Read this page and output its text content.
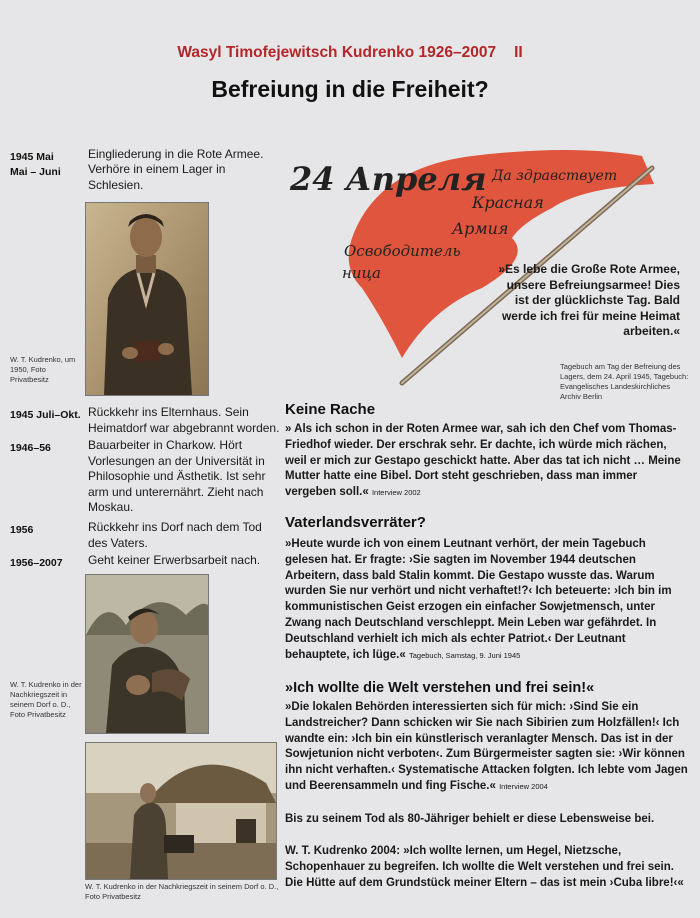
Wasyl Timofejewitsch Kudrenko 1926–2007 II
Befreiung in die Freiheit?
1945 Mai
Mai – Juni
Eingliederung in die Rote Armee.
Verhöre in einem Lager in Schlesien.
W. T. Kudrenko, um 1950, Foto Privatbesitz
24 Апреля Да здравствует
Красная
Армия
Освободитель
ница	»Es lebe die Große Rote Armee, unsere Befreiungsarmee! Dies ist der glücklichste Tag. Bald werde ich frei für meine Heimat arbeiten.«
Tagebuch am Tag der Befreiung des Lagers, dem 24. April 1945, Tagebuch: Evangelisches Landeskirchliches Archiv Berlin
1945 Juli–Okt. Rückkehr ins Elternhaus. Sein Heimatdorf war abgebrannt worden.
1946–56	Bauarbeiter in Charkow. Hört Vorlesungen an der Universität in Philosophie und Ästhetik. Ist sehr arm und unterernährt. Zieht nach Moskau.
1956	Rückkehr ins Dorf nach dem Tod des Vaters.
1956–2007	Geht keiner Erwerbsarbeit nach.
W. T. Kudrenko in der Nachkriegszeit in seinem Dorf o. D., Foto Privatbesitz
W. T. Kudrenko in der Nachkriegszeit in seinem Dorf o. D., Foto Privatbesitz
Keine Rache
» Als ich schon in der Roten Armee war, sah ich den Chef vom Thomas-Friedhof wieder. Der erschrak sehr. Er dachte, ich würde mich rächen, weil er mich zur Gestapo geschickt hatte. Aber das tat ich nicht … Meine Mutter hatte eine Bibel. Dort steht geschrieben, dass man immer vergeben soll.« Interview 2002
Vaterlandsverräter?
»Heute wurde ich von einem Leutnant verhört, der mein Tagebuch gelesen hat. Er fragte: ›Sie sagten im November 1944 deutschen Arbeitern, dass bald Stalin kommt. Die Gestapo wusste das. Warum wurden Sie nur verhört und nicht verhaftet!?‹ Ich beteuerte: ›Ich bin im kommunistischen Geist erzogen ein einfacher Sowjetmensch, unter Zwang nach Deutschland verschleppt. Mein Leben war gefährdet. In Deutschland verhielt ich mich als echter Patriot.‹ Der Leutnant behauptete, ich lüge.« Tagebuch, Samstag, 9. Juni 1945
»Ich wollte die Welt verstehen und frei sein!«
»Die lokalen Behörden interessierten sich für mich: ›Sind Sie ein Landstreicher? Dann schicken wir Sie nach Sibirien zum Holzfällen!‹ Ich wandte ein: ›Ich bin ein künstlerisch veranlagter Mensch. Das ist in der Sowjetunion nicht verboten‹. Zum Bürgermeister sagten sie: ›Wir können ihn nicht verhaften.‹ Systematische Attacken folgten. Ich lebte vom Jagen und Beerensammeln und fing Fische.« Interview 2004
Bis zu seinem Tod als 80-Jähriger behielt er diese Lebensweise bei.
W. T. Kudrenko 2004: »Ich wollte lernen, um Hegel, Nietzsche, Schopenhauer zu begreifen. Ich wollte die Welt verstehen und frei sein. Die Hütte auf dem Grundstück meiner Eltern – das ist mein ›Cuba libre!‹«
